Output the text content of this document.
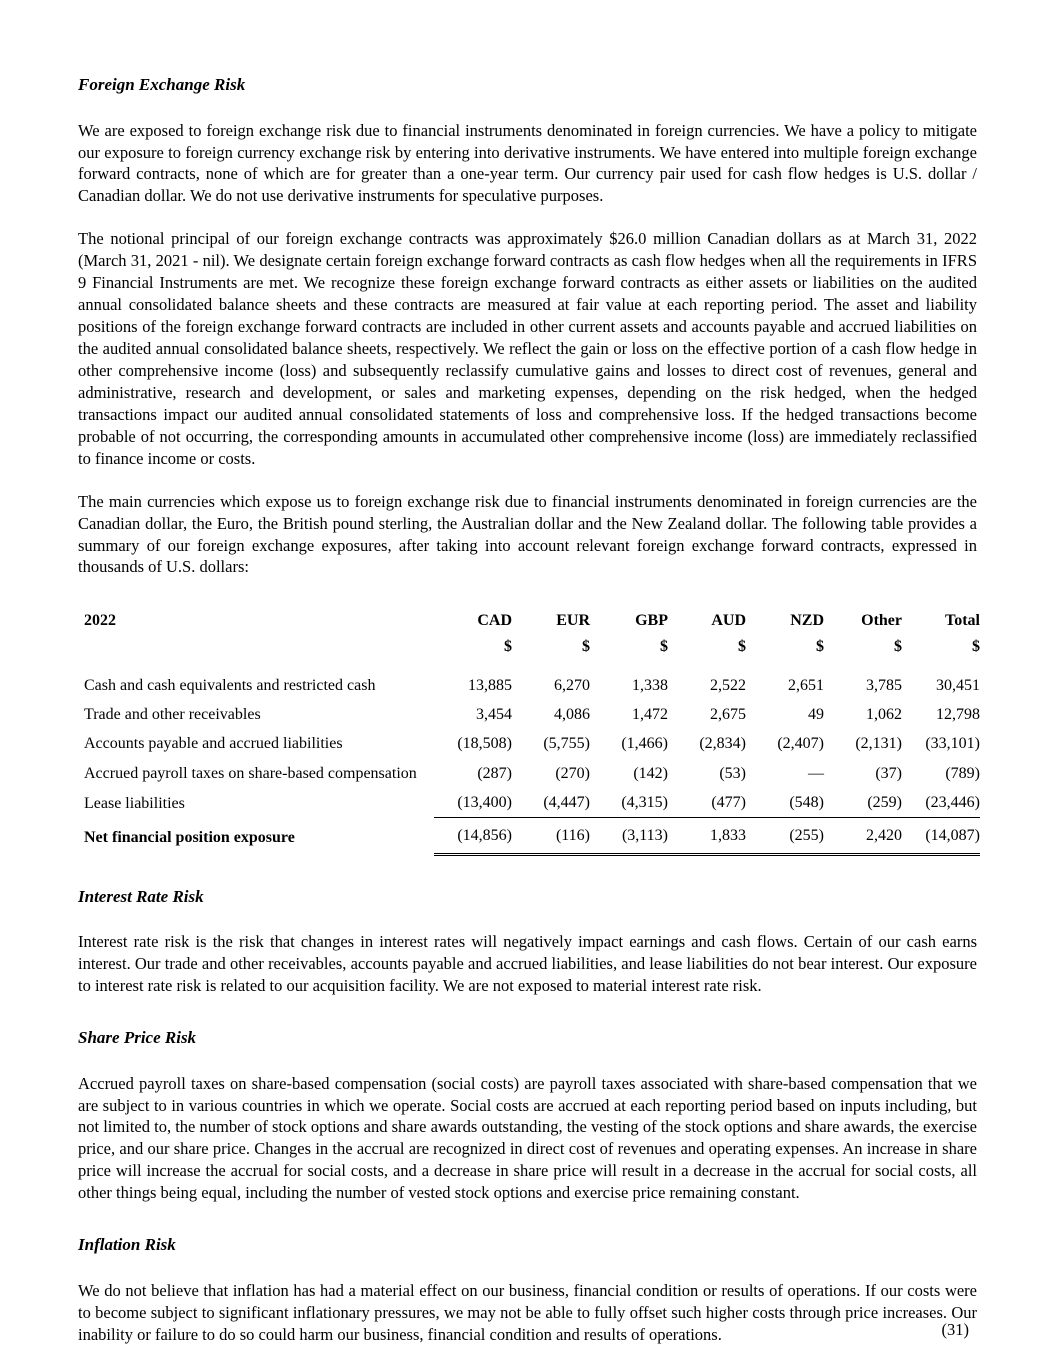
Foreign Exchange Risk

We are exposed to foreign exchange risk due to financial instruments denominated in foreign currencies. We have a policy to mitigate our exposure to foreign currency exchange risk by entering into derivative instruments. We have entered into multiple foreign exchange forward contracts, none of which are for greater than a one-year term. Our currency pair used for cash flow hedges is U.S. dollar / Canadian dollar. We do not use derivative instruments for speculative purposes.

The notional principal of our foreign exchange contracts was approximately $26.0 million Canadian dollars as at March 31, 2022 (March 31, 2021 - nil). We designate certain foreign exchange forward contracts as cash flow hedges when all the requirements in IFRS 9 Financial Instruments are met. We recognize these foreign exchange forward contracts as either assets or liabilities on the audited annual consolidated balance sheets and these contracts are measured at fair value at each reporting period. The asset and liability positions of the foreign exchange forward contracts are included in other current assets and accounts payable and accrued liabilities on the audited annual consolidated balance sheets, respectively. We reflect the gain or loss on the effective portion of a cash flow hedge in other comprehensive income (loss) and subsequently reclassify cumulative gains and losses to direct cost of revenues, general and administrative, research and development, or sales and marketing expenses, depending on the risk hedged, when the hedged transactions impact our audited annual consolidated statements of loss and comprehensive loss. If the hedged transactions become probable of not occurring, the corresponding amounts in accumulated other comprehensive income (loss) are immediately reclassified to finance income or costs.

The main currencies which expose us to foreign exchange risk due to financial instruments denominated in foreign currencies are the Canadian dollar, the Euro, the British pound sterling, the Australian dollar and the New Zealand dollar. The following table provides a summary of our foreign exchange exposures, after taking into account relevant foreign exchange forward contracts, expressed in thousands of U.S. dollars:

2022	CAD	EUR	GBP	AUD	NZD	Other	Total
	$	$	$	$	$	$	$
Cash and cash equivalents and restricted cash	13,885	6,270	1,338	2,522	2,651	3,785	30,451
Trade and other receivables	3,454	4,086	1,472	2,675	49	1,062	12,798
Accounts payable and accrued liabilities	(18,508)	(5,755)	(1,466)	(2,834)	(2,407)	(2,131)	(33,101)
Accrued payroll taxes on share-based compensation	(287)	(270)	(142)	(53)	—	(37)	(789)
Lease liabilities	(13,400)	(4,447)	(4,315)	(477)	(548)	(259)	(23,446)
Net financial position exposure	(14,856)	(116)	(3,113)	1,833	(255)	2,420	(14,087)
Interest Rate Risk

Interest rate risk is the risk that changes in interest rates will negatively impact earnings and cash flows. Certain of our cash earns interest. Our trade and other receivables, accounts payable and accrued liabilities, and lease liabilities do not bear interest. Our exposure to interest rate risk is related to our acquisition facility. We are not exposed to material interest rate risk.

Share Price Risk

Accrued payroll taxes on share-based compensation (social costs) are payroll taxes associated with share-based compensation that we are subject to in various countries in which we operate. Social costs are accrued at each reporting period based on inputs including, but not limited to, the number of stock options and share awards outstanding, the vesting of the stock options and share awards, the exercise price, and our share price. Changes in the accrual are recognized in direct cost of revenues and operating expenses. An increase in share price will increase the accrual for social costs, and a decrease in share price will result in a decrease in the accrual for social costs, all other things being equal, including the number of vested stock options and exercise price remaining constant.

Inflation Risk

We do not believe that inflation has had a material effect on our business, financial condition or results of operations. If our costs were to become subject to significant inflationary pressures, we may not be able to fully offset such higher costs through price increases. Our inability or failure to do so could harm our business, financial condition and results of operations.	(31)
